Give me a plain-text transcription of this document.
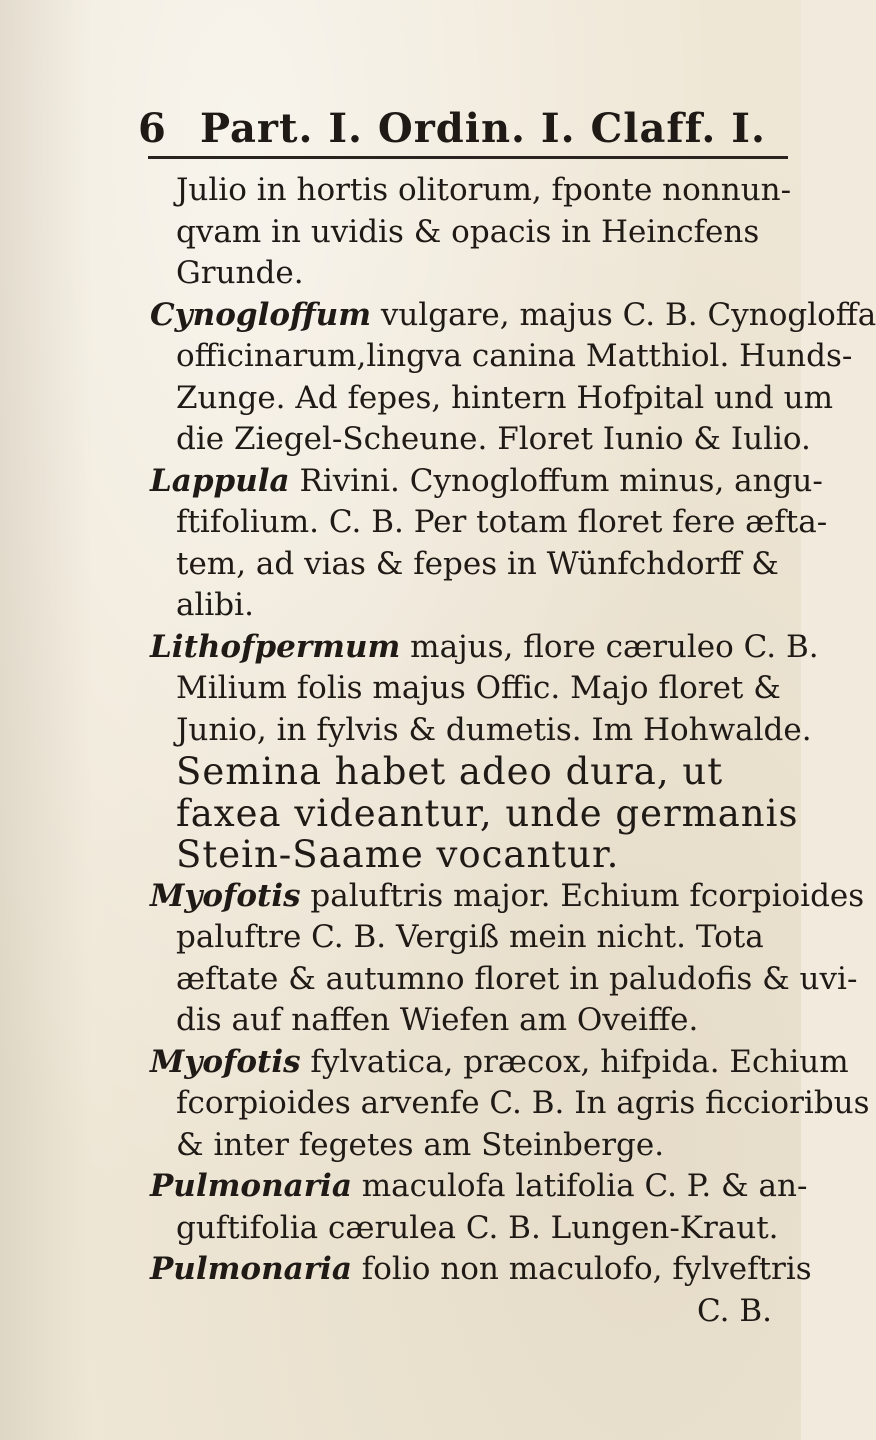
6 Part. I. Ordin. I. Claff. I.
Julio in hortis olitorum, fponte nonnun-
qvam in uvidis & opacis in Heincfens
Grunde.
Cynogloffum vulgare, majus C. B. Cynogloffa
officinarum,lingva canina Matthiol. Hunds-
Zunge. Ad fepes, hintern Hofpital und um
die Ziegel-Scheune. Floret Iunio & Iulio.
Lappula Rivini. Cynogloffum minus, angu-
ftifolium. C. B. Per totam floret fere æfta-
tem, ad vias & fepes in Wünfchdorff &
alibi.
Lithofpermum majus, flore cæruleo C. B.
Milium folis majus Offic. Majo floret &
Junio, in fylvis & dumetis. Im Hohwalde.
Semina habet adeo dura, ut
faxea videantur, unde germanis
Stein-Saame vocantur.
Myofotis paluftris major. Echium fcorpioides
paluftre C. B. Vergiß mein nicht. Tota
æftate & autumno floret in paludofis & uvi-
dis auf naffen Wiefen am Oveiffe.
Myofotis fylvatica, præcox, hifpida. Echium
fcorpioides arvenfe C. B. In agris ficcioribus
& inter fegetes am Steinberge.
Pulmonaria maculofa latifolia C. P. & an-
guftifolia cærulea C. B. Lungen-Kraut.
Pulmonaria folio non maculofo, fylveftris
C. B.
